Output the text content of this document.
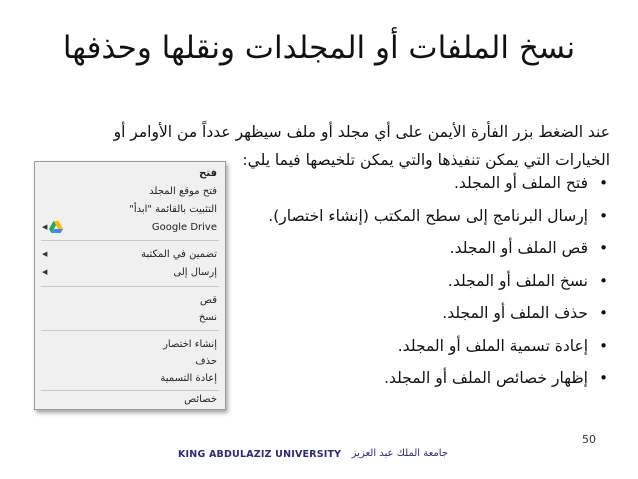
نسخ الملفات أو المجلدات ونقلها وحذفها
عند الضغط بزر الفأرة الأيمن على أي مجلد أو ملف سيظهر عدداً من الأوامر أو
الخيارات التي يمكن تنفيذها والتي يمكن تلخيصها فيما يلي:
•
فتح الملف أو المجلد.
•
إرسال البرنامج إلى سطح المكتب (إنشاء اختصار).
•
قص الملف أو المجلد.
•
نسخ الملف أو المجلد.
•
حذف الملف أو المجلد.
•
إعادة تسمية الملف أو المجلد.
•
إظهار خصائص الملف أو المجلد.
فتح
فتح موقع المجلد
التثبيت بالقائمة "ابدأ"
Google Drive
◀
تضمين في المكتبة
◀
إرسال إلى
◀
قص
نسخ
إنشاء اختصار
حذف
إعادة التسمية
خصائص
50
KING ABDULAZIZ UNIVERSITY جامعة الملك عبد العزيز
